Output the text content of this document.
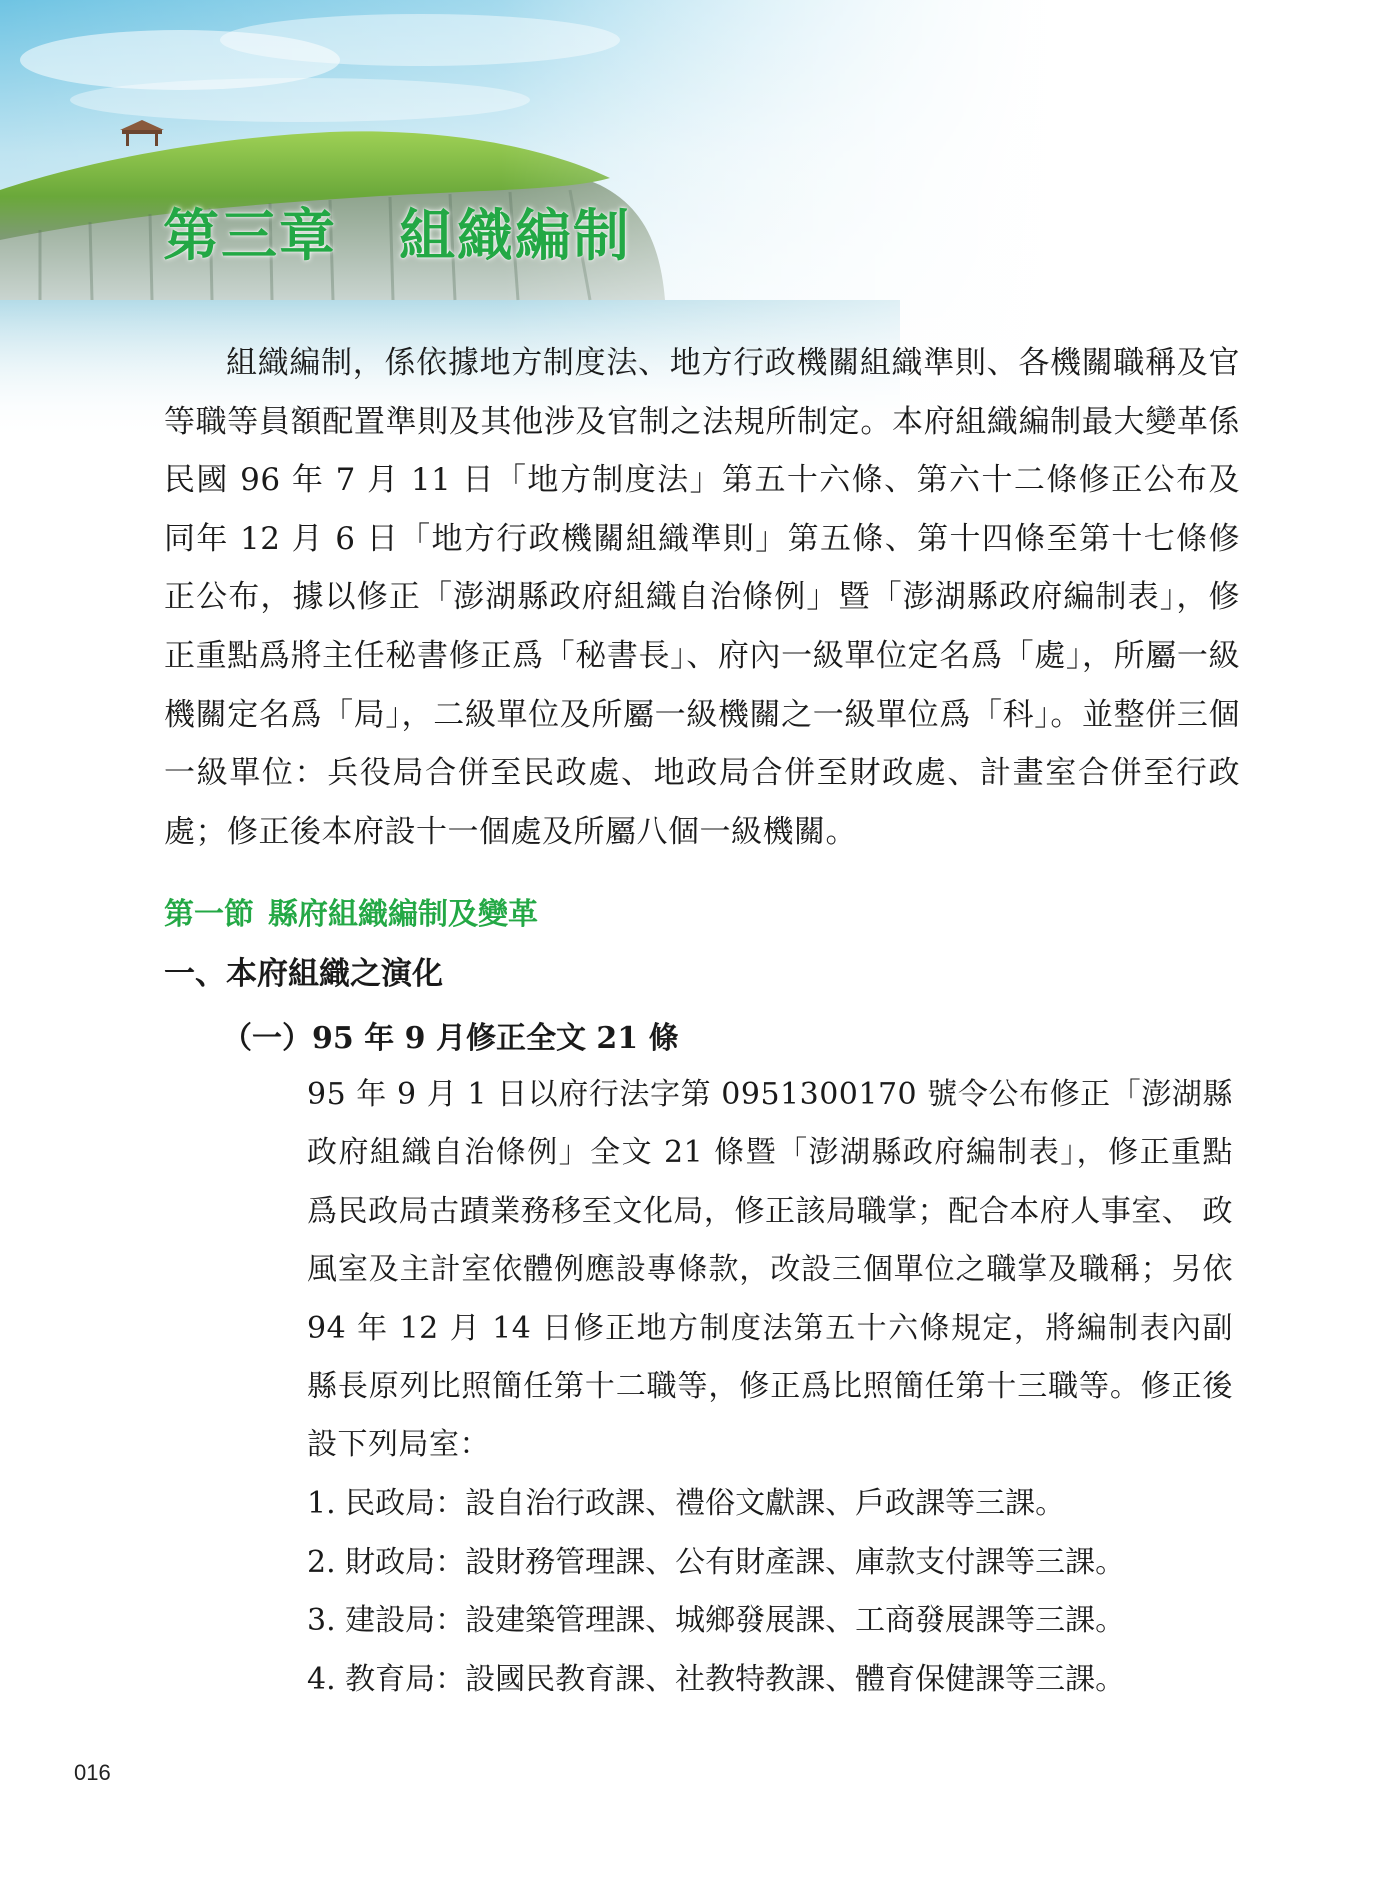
第三章 組織編制

組織編制，係依據地方制度法、地方行政機關組織準則、各機關職稱及官等職等員額配置準則及其他涉及官制之法規所制定。本府組織編制最大變革係民國 96 年 7 月 11 日「地方制度法」第五十六條、第六十二條修正公布及同年 12 月 6 日「地方行政機關組織準則」第五條、第十四條至第十七條修正公布，據以修正「澎湖縣政府組織自治條例」暨「澎湖縣政府編制表」，修正重點爲將主任秘書修正爲「秘書長」、府內一級單位定名爲「處」，所屬一級機關定名爲「局」，二級單位及所屬一級機關之一級單位爲「科」。並整併三個一級單位：兵役局合併至民政處、地政局合併至財政處、計畫室合併至行政處；修正後本府設十一個處及所屬八個一級機關。

第一節 縣府組織編制及變革
一、本府組織之演化
（一）95 年 9 月修正全文 21 條

95 年 9 月 1 日以府行法字第 0951300170 號令公布修正「澎湖縣政府組織自治條例」全文 21 條暨「澎湖縣政府編制表」，修正重點爲民政局古蹟業務移至文化局，修正該局職掌；配合本府人事室、 政風室及主計室依體例應設專條款，改設三個單位之職掌及職稱；另依 94 年 12 月 14 日修正地方制度法第五十六條規定，將編制表內副縣長原列比照簡任第十二職等，修正爲比照簡任第十三職等。修正後設下列局室：

1. 民政局：設自治行政課、禮俗文獻課、戶政課等三課。
2. 財政局：設財務管理課、公有財產課、庫款支付課等三課。
3. 建設局：設建築管理課、城鄉發展課、工商發展課等三課。
4. 教育局：設國民教育課、社教特教課、體育保健課等三課。
016
